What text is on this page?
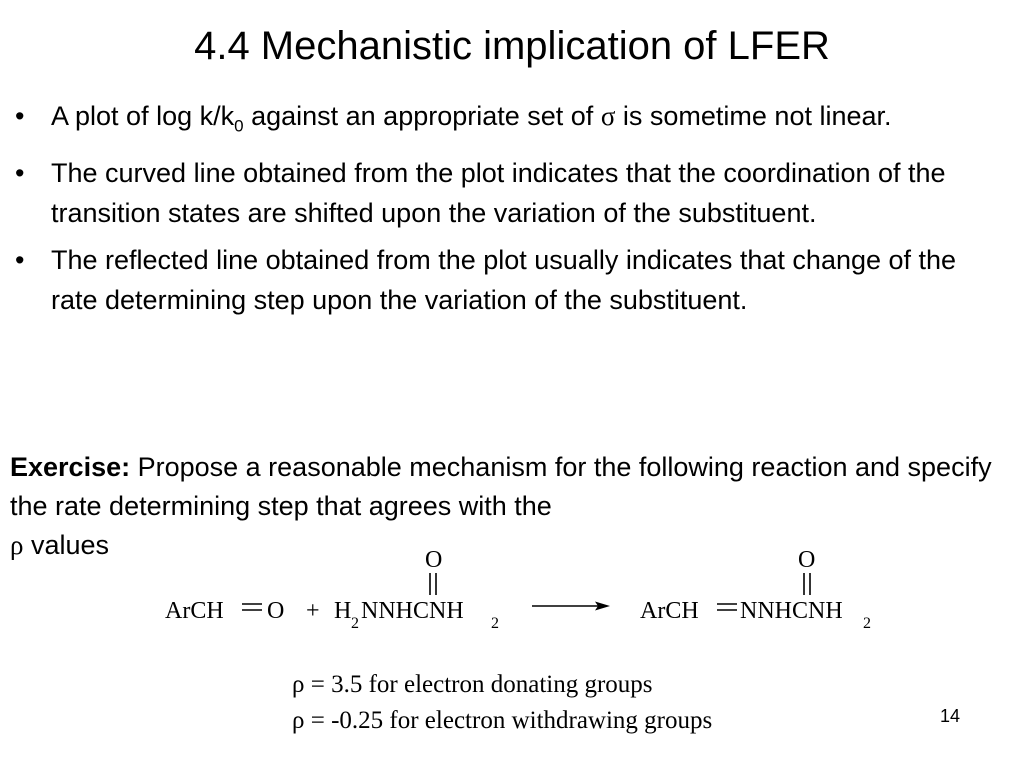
4.4 Mechanistic implication of LFER
• A plot of $\log k/k_0$ against an appropriate set of σ is sometime not linear.
• The curved line obtained from the plot indicates that the coordination of the transition states are shifted upon the variation of the substituent.
• The reflected line obtained from the plot usually indicates that change of the rate determining step upon the variation of the substituent.
Exercise: Propose a reasonable mechanism for the following reaction and specify the rate determining step that agrees with the
ρ values
ArCH O + H 2 NNHCNH 2
O
ArCH NNHCNH 2
O
ρ = 3.5 for electron donating groups
ρ = -0.25 for electron withdrawing groups	14
